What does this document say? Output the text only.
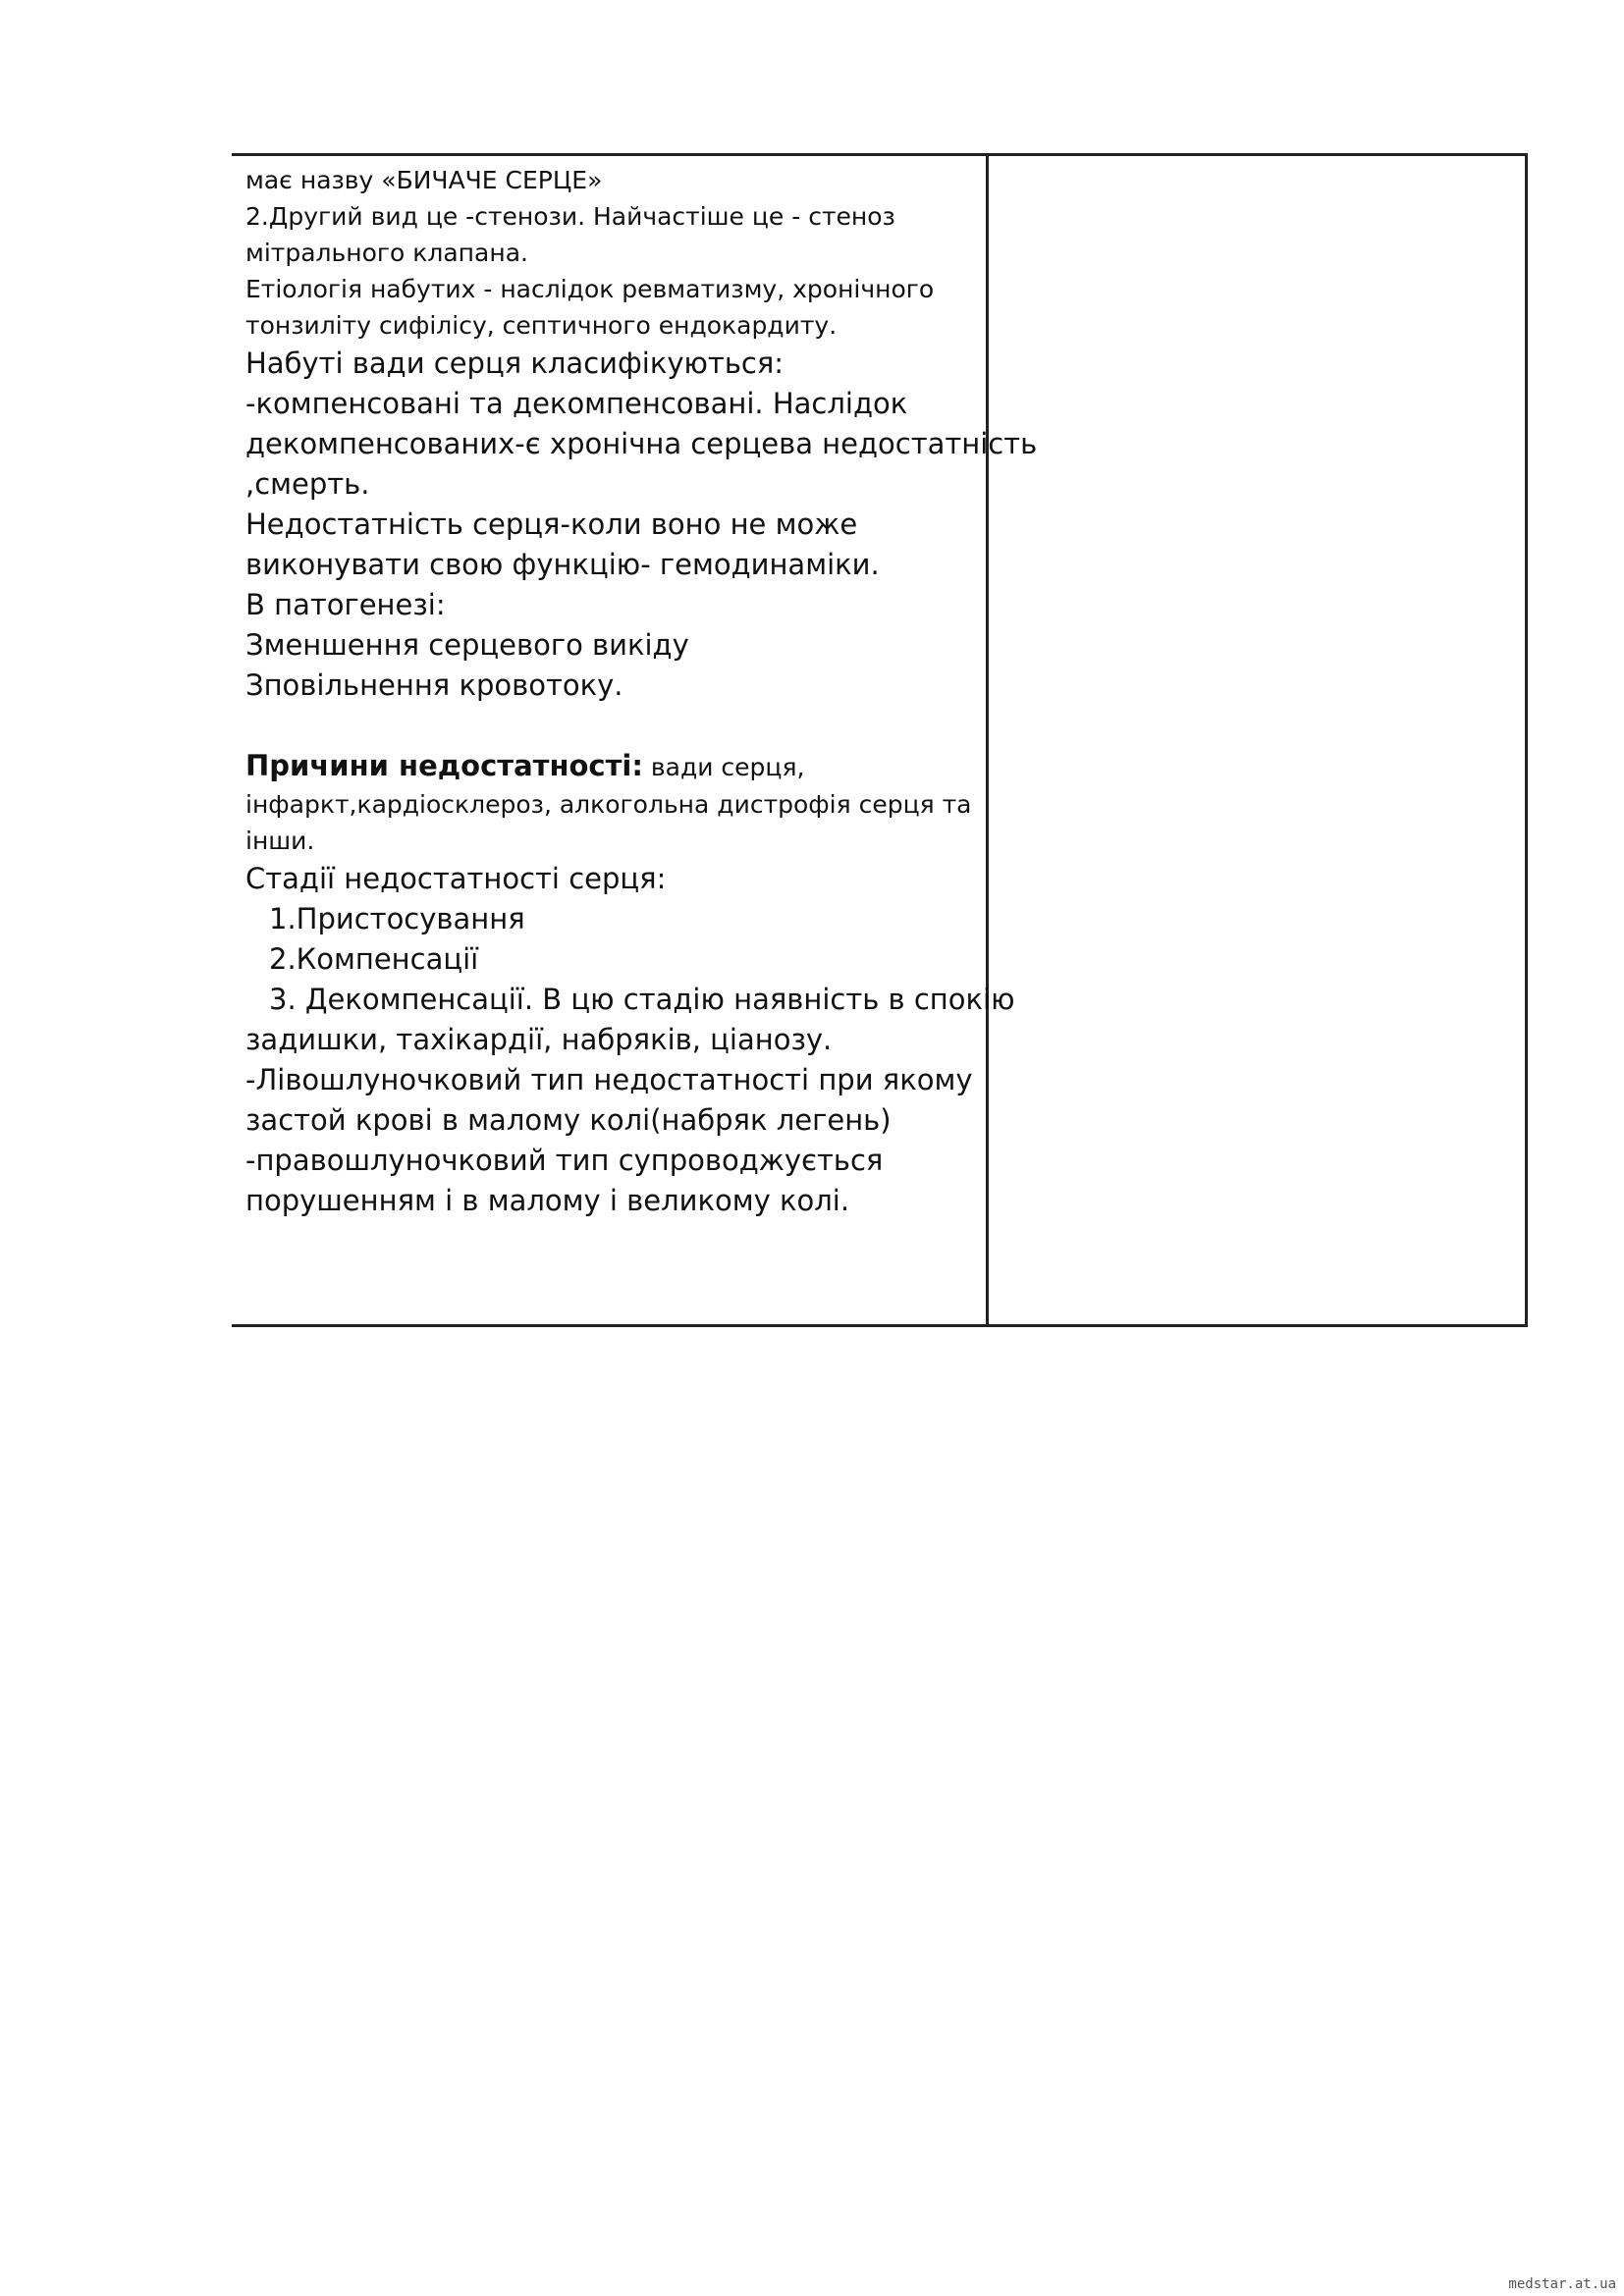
має назву «БИЧАЧЕ СЕРЦЕ»

2.Другий вид це -стенози. Найчастіше це - стеноз

мітрального клапана.

Етіологія набутих - наслідок ревматизму, хронічного

тонзиліту сифілісу, септичного ендокардиту.

Набуті вади серця класифікуються:

-компенсовані та декомпенсовані. Наслідок

декомпенсованих-є хронічна серцева недостатність

,смерть.

Недостатність серця-коли воно не може

виконувати свою функцію- гемодинаміки.

В патогенезі:

Зменшення серцевого викіду

Зповільнення кровотоку.

Причини недостатності: вади серця,

інфаркт,кардіосклероз, алкогольна дистрофія серця та

інши.

Стадії недостатності серця:

1.Пристосування

2.Компенсації

3. Декомпенсації. В цю стадію наявність в спокію

задишки, тахікардії, набряків, ціанозу.

-Лівошлуночковий тип недостатності при якому

застой крові в малому колі(набряк легень)

-правошлуночковий тип супроводжується

порушенням і в малому і великому колі.

medstar.at.ua
